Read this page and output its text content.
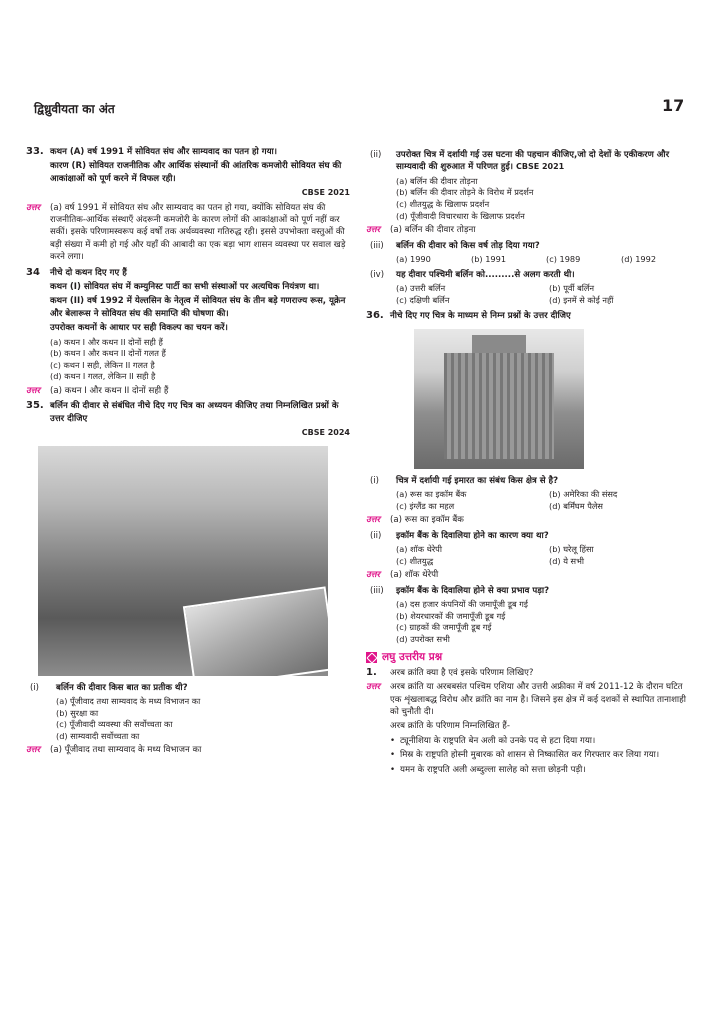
द्विध्रुवीयता का अंत	17
33. कथन (A) वर्ष 1991 में सोवियत संघ और साम्यवाद का पतन हो गया।

कारण (R) सोवियत राजनीतिक और आर्थिक संस्थानों की आंतरिक कमजोरी सोवियत संघ की आकांक्षाओं को पूर्ण करने में विफल रही।

CBSE 2021
उत्तर (a) वर्ष 1991 में सोवियत संघ और साम्यवाद का पतन हो गया, क्योंकि सोवियत संघ की राजनीतिक-आर्थिक संस्थाएँ अंदरूनी कमजोरी के कारण लोगों की आकांक्षाओं को पूर्ण नहीं कर सकीं। इसके परिणामस्वरूप कई वर्षों तक अर्थव्यवस्था गतिरुद्ध रही। इससे उपभोक्ता वस्तुओं की बड़ी संख्या में कमी हो गई और यहाँ की आबादी का एक बड़ा भाग शासन व्यवस्था पर सवाल खड़े करने लगा।
34 नीचे दो कथन दिए गए हैं

कथन (I) सोवियत संघ में कम्युनिस्ट पार्टी का सभी संस्थाओं पर अत्यधिक नियंत्रण था।

कथन (II) वर्ष 1992 में येल्तसिन के नेतृत्व में सोवियत संघ के तीन बड़े गणराज्य रूस, यूक्रेन और बेलारूस ने सोवियत संघ की समाप्ति की घोषणा की।

उपरोक्त कथनों के आधार पर सही विकल्प का चयन करें।

(a) कथन I और कथन II दोनों सही हैं

(b) कथन I और कथन II दोनों गलत हैं

(c) कथन I सही, लेकिन II गलत है

(d) कथन I गलत, लेकिन II सही है

उत्तर (a) कथन I और कथन II दोनों सही हैं
35. बर्लिन की दीवार से संबंधित नीचे दिए गए चित्र का अध्ययन कीजिए तथा निम्नलिखित प्रश्नों के उत्तर दीजिए

CBSE 2024
(i) बर्लिन की दीवार किस बात का प्रतीक थी?

(a) पूँजीवाद तथा साम्यवाद के मध्य विभाजन का

(b) सुरक्षा का

(c) पूँजीवादी व्यवस्था की सर्वोच्चता का

(d) साम्यवादी सर्वोच्चता का

उत्तर (a) पूँजीवाद तथा साम्यवाद के मध्य विभाजन का
(ii) उपरोक्त चित्र में दर्शायी गई उस घटना की पहचान कीजिए,जो दो देशों के एकीकरण और साम्यवादी की शुरुआत में परिणत हुई। CBSE 2021

(a) बर्लिन की दीवार तोड़ना

(b) बर्लिन की दीवार तोड़ने के विरोध में प्रदर्शन

(c) शीतयुद्ध के खिलाफ प्रदर्शन

(d) पूँजीवादी विचारधारा के खिलाफ प्रदर्शन

उत्तर (a) बर्लिन की दीवार तोड़ना
(iii) बर्लिन की दीवार को किस वर्ष तोड़ दिया गया?

(a) 1990	(b) 1991	(c) 1989	(d) 1992
(iv) यह दीवार पश्चिमी बर्लिन को.........से अलग करती थी।

(a) उत्तरी बर्लिन	(b) पूर्वी बर्लिन
(c) दक्षिणी बर्लिन	(d) इनमें से कोई नहीं
36. नीचे दिए गए चित्र के माध्यम से निम्न प्रश्नों के उत्तर दीजिए

(i) चित्र में दर्शायी गई इमारत का संबंध किस क्षेत्र से है?

(a) रूस का इकॉम बैंक	(b) अमेरिका की संसद
(c) इंग्लैंड का महल	(d) बर्मिंघम पैलेस
उत्तर (a) रूस का इकॉम बैंक
(ii) इकॉम बैंक के दिवालिया होने का कारण क्या था?

(a) शॉक थेरेपी	(b) घरेलू हिंसा
(c) शीतयुद्ध	(d) ये सभी
उत्तर (a) शॉक थेरेपी
(iii) इकॉम बैंक के दिवालिया होने से क्या प्रभाव पड़ा?

(a) दस हजार कंपनियों की जमापूँजी डूब गई

(b) शेयरधारकों की जमापूँजी डूब गई

(c) ग्राहकों की जमापूँजी डूब गई

(d) उपरोक्त सभी

लघु उत्तरीय प्रश्न
1. अरब क्रांति क्या है एवं इसके परिणाम लिखिए?

उत्तर अरब क्रांति या अरबबसंत पश्चिम एशिया और उत्तरी अफ्रीका में वर्ष 2011-12 के दौरान घटित एक शृंखलाबद्ध विरोध और क्रांति का नाम है। जिसने इस क्षेत्र में कई दशकों से स्थापित तानाशाही को चुनौती दी।

अरब क्रांति के परिणाम निम्नलिखित हैं-

• ट्यूनीशिया के राष्ट्रपति बेन अली को उनके पद से हटा दिया गया।

• मिस्र के राष्ट्रपति होस्नी मुबारक को शासन से निष्कासित कर गिरफ्तार कर लिया गया।

• यमन के राष्ट्रपति अली अब्दुल्ला सालेह को सत्ता छोड़नी पड़ी।
